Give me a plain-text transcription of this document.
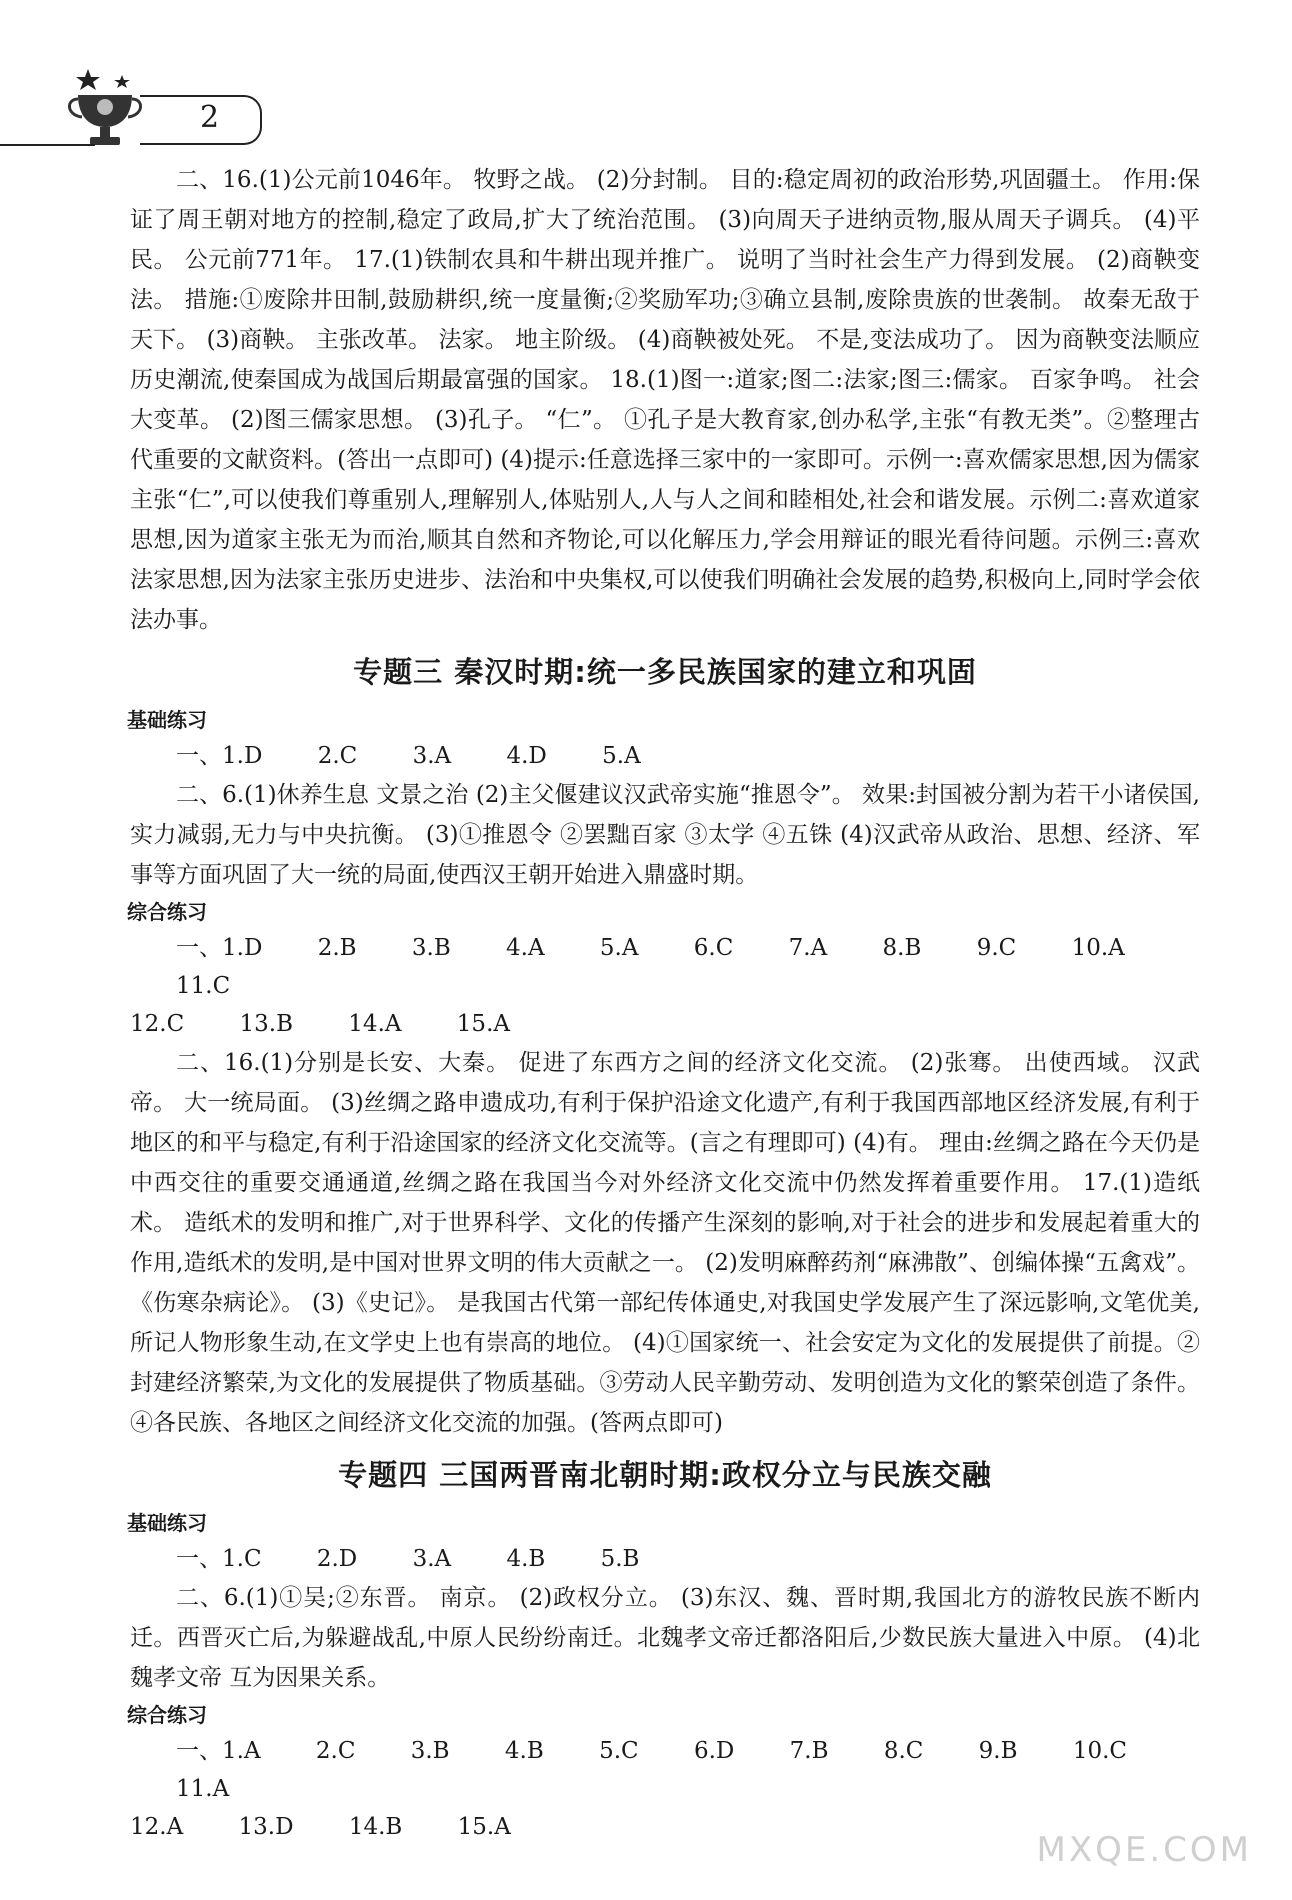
2

二、16.(1)公元前1046年。 牧野之战。 (2)分封制。 目的:稳定周初的政治形势,巩固疆土。 作用:保证了周王朝对地方的控制,稳定了政局,扩大了统治范围。 (3)向周天子进纳贡物,服从周天子调兵。 (4)平民。 公元前771年。 17.(1)铁制农具和牛耕出现并推广。 说明了当时社会生产力得到发展。 (2)商鞅变法。 措施:①废除井田制,鼓励耕织,统一度量衡;②奖励军功;③确立县制,废除贵族的世袭制。 故秦无敌于天下。 (3)商鞅。 主张改革。 法家。 地主阶级。 (4)商鞅被处死。 不是,变法成功了。 因为商鞅变法顺应历史潮流,使秦国成为战国后期最富强的国家。 18.(1)图一:道家;图二:法家;图三:儒家。 百家争鸣。 社会大变革。 (2)图三儒家思想。 (3)孔子。 “仁”。 ①孔子是大教育家,创办私学,主张“有教无类”。②整理古代重要的文献资料。(答出一点即可) (4)提示:任意选择三家中的一家即可。示例一:喜欢儒家思想,因为儒家主张“仁”,可以使我们尊重别人,理解别人,体贴别人,人与人之间和睦相处,社会和谐发展。示例二:喜欢道家思想,因为道家主张无为而治,顺其自然和齐物论,可以化解压力,学会用辩证的眼光看待问题。示例三:喜欢法家思想,因为法家主张历史进步、法治和中央集权,可以使我们明确社会发展的趋势,积极向上,同时学会依法办事。

专题三 秦汉时期:统一多民族国家的建立和巩固

基础练习

一、1.D 2.C 3.A 4.D 5.A

二、6.(1)休养生息 文景之治 (2)主父偃建议汉武帝实施“推恩令”。 效果:封国被分割为若干小诸侯国,实力减弱,无力与中央抗衡。 (3)①推恩令 ②罢黜百家 ③太学 ④五铢 (4)汉武帝从政治、思想、经济、军事等方面巩固了大一统的局面,使西汉王朝开始进入鼎盛时期。

综合练习

一、1.D 2.B 3.B 4.A 5.A 6.C 7.A 8.B 9.C 10.A 11.C

12.C 13.B 14.A 15.A

二、16.(1)分别是长安、大秦。 促进了东西方之间的经济文化交流。 (2)张骞。 出使西域。 汉武帝。 大一统局面。 (3)丝绸之路申遗成功,有利于保护沿途文化遗产,有利于我国西部地区经济发展,有利于地区的和平与稳定,有利于沿途国家的经济文化交流等。(言之有理即可) (4)有。 理由:丝绸之路在今天仍是中西交往的重要交通通道,丝绸之路在我国当今对外经济文化交流中仍然发挥着重要作用。 17.(1)造纸术。 造纸术的发明和推广,对于世界科学、文化的传播产生深刻的影响,对于社会的进步和发展起着重大的作用,造纸术的发明,是中国对世界文明的伟大贡献之一。 (2)发明麻醉药剂“麻沸散”、创编体操“五禽戏”。 《伤寒杂病论》。 (3)《史记》。 是我国古代第一部纪传体通史,对我国史学发展产生了深远影响,文笔优美,所记人物形象生动,在文学史上也有崇高的地位。 (4)①国家统一、社会安定为文化的发展提供了前提。②封建经济繁荣,为文化的发展提供了物质基础。③劳动人民辛勤劳动、发明创造为文化的繁荣创造了条件。④各民族、各地区之间经济文化交流的加强。(答两点即可)

专题四 三国两晋南北朝时期:政权分立与民族交融

基础练习

一、1.C 2.D 3.A 4.B 5.B

二、6.(1)①吴;②东晋。 南京。 (2)政权分立。 (3)东汉、魏、晋时期,我国北方的游牧民族不断内迁。西晋灭亡后,为躲避战乱,中原人民纷纷南迁。北魏孝文帝迁都洛阳后,少数民族大量进入中原。 (4)北魏孝文帝 互为因果关系。

综合练习

一、1.A 2.C 3.B 4.B 5.C 6.D 7.B 8.C 9.B 10.C 11.A

12.A 13.D 14.B 15.A

MXQE.COM
